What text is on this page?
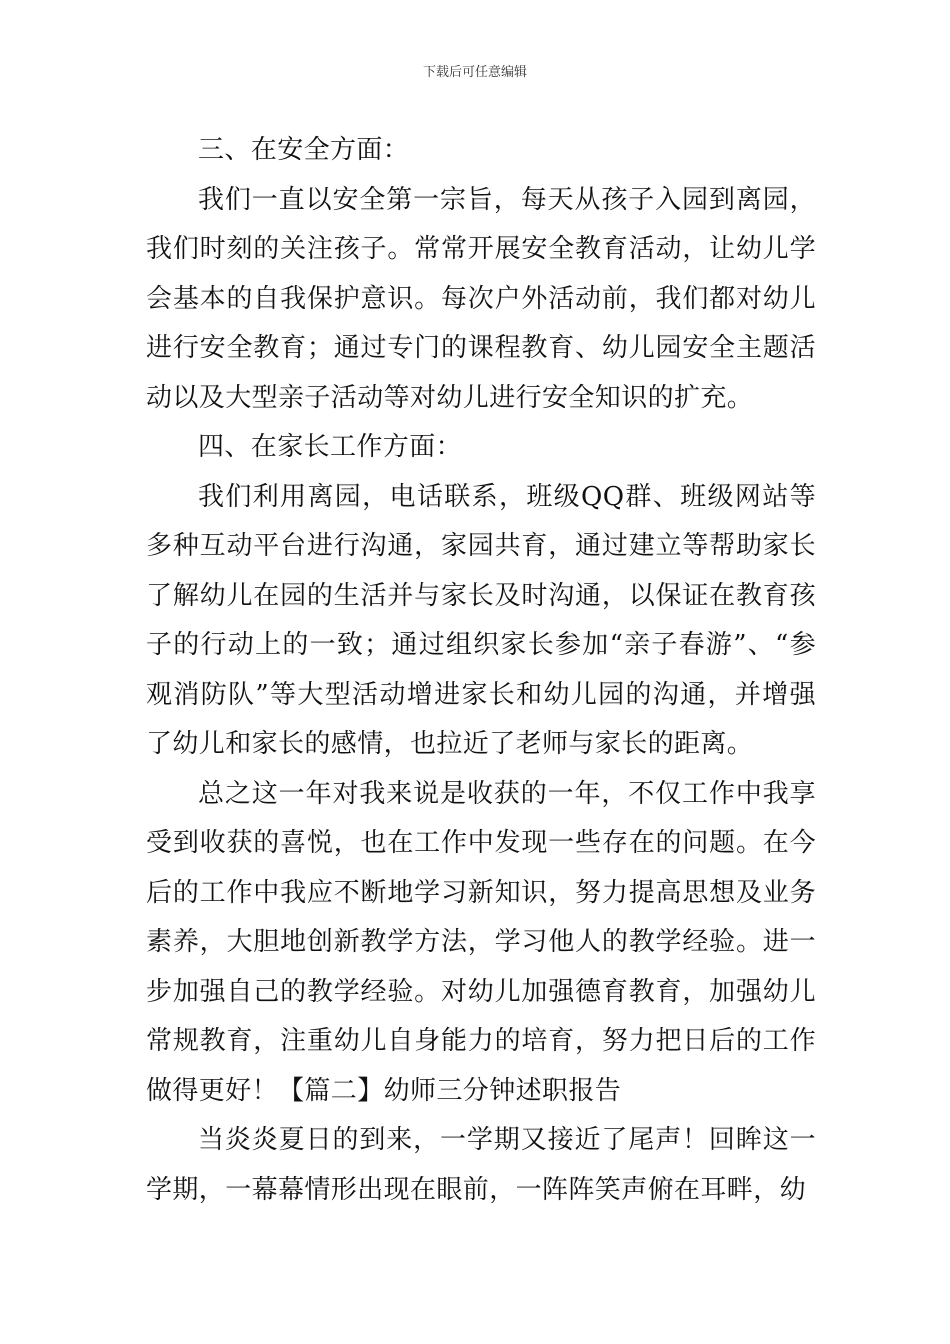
下载后可任意编辑

三、在安全方面：

我们一直以安全第一宗旨，每天从孩子入园到离园，我们时刻的关注孩子。常常开展安全教育活动，让幼儿学会基本的自我保护意识。每次户外活动前，我们都对幼儿进行安全教育；通过专门的课程教育、幼儿园安全主题活动以及大型亲子活动等对幼儿进行安全知识的扩充。

四、在家长工作方面：

我们利用离园，电话联系，班级QQ群、班级网站等多种互动平台进行沟通，家园共育，通过建立等帮助家长了解幼儿在园的生活并与家长及时沟通，以保证在教育孩子的行动上的一致；通过组织家长参加“亲子春游”、“参观消防队”等大型活动增进家长和幼儿园的沟通，并增强了幼儿和家长的感情，也拉近了老师与家长的距离。

总之这一年对我来说是收获的一年，不仅工作中我享受到收获的喜悦，也在工作中发现一些存在的问题。在今后的工作中我应不断地学习新知识，努力提高思想及业务素养，大胆地创新教学方法，学习他人的教学经验。进一步加强自己的教学经验。对幼儿加强德育教育，加强幼儿常规教育，注重幼儿自身能力的培育，努力把日后的工作做得更好！【篇二】幼师三分钟述职报告

当炎炎夏日的到来，一学期又接近了尾声！回眸这一学期，一幕幕情形出现在眼前，一阵阵笑声俯在耳畔，幼
